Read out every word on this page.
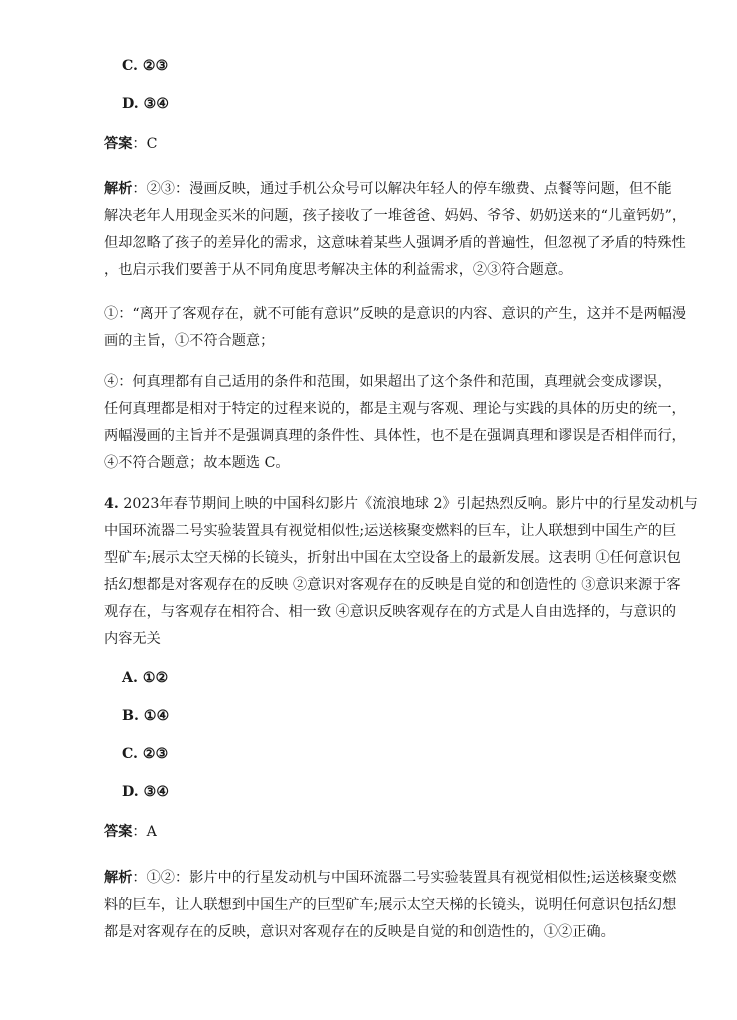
C. ②③
D. ③④
答案：C
解析：②③：漫画反映，通过手机公众号可以解决年轻人的停车缴费、点餐等问题，但不能
解决老年人用现金买米的问题，孩子接收了一堆爸爸、妈妈、爷爷、奶奶送来的“儿童钙奶”，
但却忽略了孩子的差异化的需求，这意味着某些人强调矛盾的普遍性，但忽视了矛盾的特殊性
，也启示我们要善于从不同角度思考解决主体的利益需求，②③符合题意。
①：“离开了客观存在，就不可能有意识”反映的是意识的内容、意识的产生，这并不是两幅漫
画的主旨，①不符合题意；
④：何真理都有自己适用的条件和范围，如果超出了这个条件和范围，真理就会变成谬误，
任何真理都是相对于特定的过程来说的，都是主观与客观、理论与实践的具体的历史的统一，
两幅漫画的主旨并不是强调真理的条件性、具体性，也不是在强调真理和谬误是否相伴而行，
④不符合题意；故本题选 C。
4. 2023年春节期间上映的中国科幻影片《流浪地球 2》引起热烈反响。影片中的行星发动机与
中国环流器二号实验装置具有视觉相似性;运送核聚变燃料的巨车，让人联想到中国生产的巨
型矿车;展示太空天梯的长镜头，折射出中国在太空设备上的最新发展。这表明 ①任何意识包
括幻想都是对客观存在的反映 ②意识对客观存在的反映是自觉的和创造性的 ③意识来源于客
观存在，与客观存在相符合、相一致 ④意识反映客观存在的方式是人自由选择的，与意识的
内容无关
A. ①②
B. ①④
C. ②③
D. ③④
答案：A
解析：①②：影片中的行星发动机与中国环流器二号实验装置具有视觉相似性;运送核聚变燃
料的巨车，让人联想到中国生产的巨型矿车;展示太空天梯的长镜头，说明任何意识包括幻想
都是对客观存在的反映，意识对客观存在的反映是自觉的和创造性的，①②正确。
